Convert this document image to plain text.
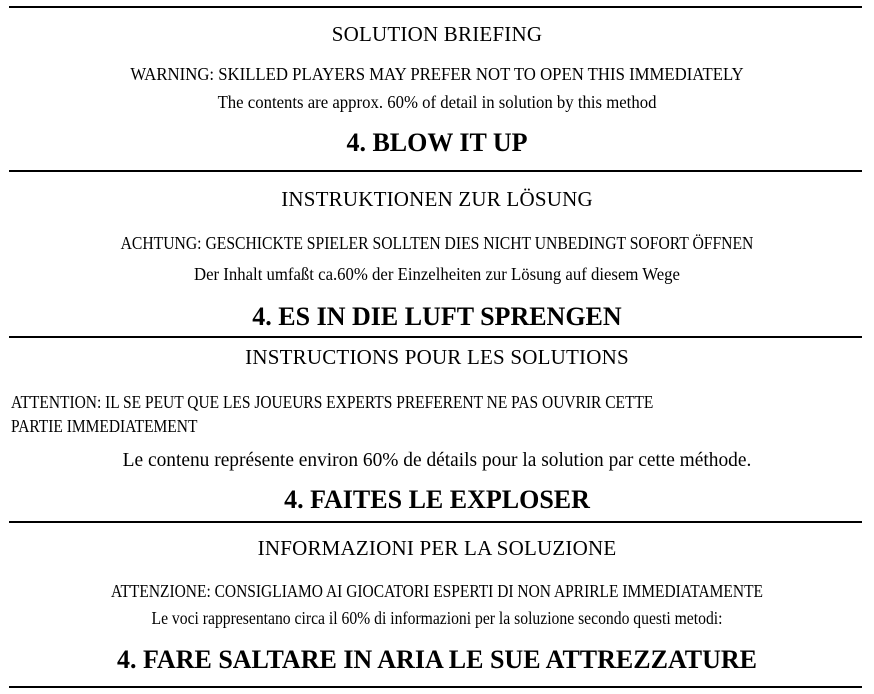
SOLUTION BRIEFING
WARNING: SKILLED PLAYERS MAY PREFER NOT TO OPEN THIS IMMEDIATELY
The contents are approx. 60% of detail in solution by this method
4. BLOW IT UP
INSTRUKTIONEN ZUR LÖSUNG
ACHTUNG: GESCHICKTE SPIELER SOLLTEN DIES NICHT UNBEDINGT SOFORT ÖFFNEN
Der Inhalt umfaßt ca.60% der Einzelheiten zur Lösung auf diesem Wege
4. ES IN DIE LUFT SPRENGEN
INSTRUCTIONS POUR LES SOLUTIONS
ATTENTION: IL SE PEUT QUE LES JOUEURS EXPERTS PREFERENT NE PAS OUVRIR CETTE
PARTIE IMMEDIATEMENT
Le contenu représente environ 60% de détails pour la solution par cette méthode.
4. FAITES LE EXPLOSER
INFORMAZIONI PER LA SOLUZIONE
ATTENZIONE: CONSIGLIAMO AI GIOCATORI ESPERTI DI NON APRIRLE IMMEDIATAMENTE
Le voci rappresentano circa il 60% di informazioni per la soluzione secondo questi metodi:
4. FARE SALTARE IN ARIA LE SUE ATTREZZATURE
